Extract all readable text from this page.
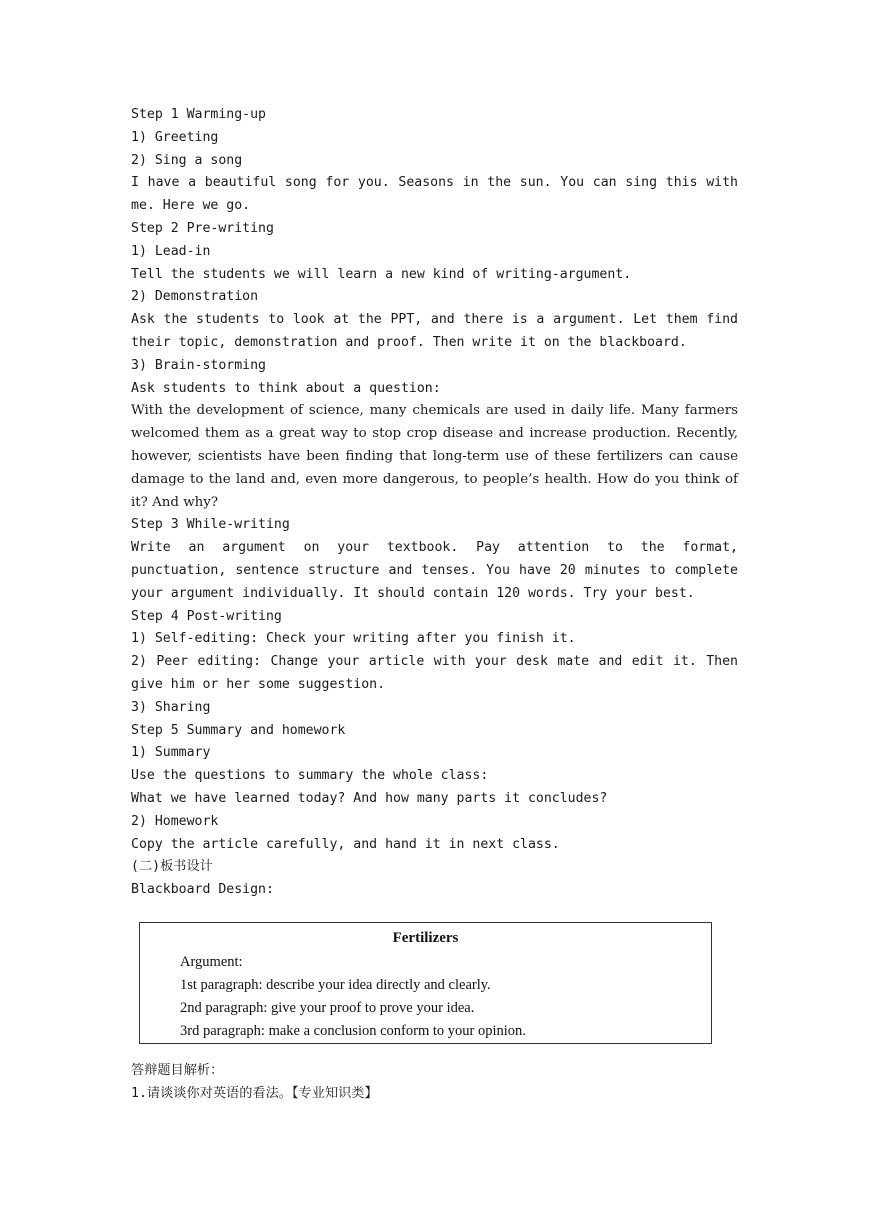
Step 1 Warming-up
1) Greeting
2) Sing a song

I have a beautiful song for you. Seasons in the sun. You can sing this with me. Here we go.

Step 2 Pre-writing
1) Lead-in
Tell the students we will learn a new kind of writing-argument.
2) Demonstration

Ask the students to look at the PPT, and there is a argument. Let them find their topic, demonstration and proof. Then write it on the blackboard.

3) Brain-storming
Ask students to think about a question:

With the development of science, many chemicals are used in daily life. Many farmers welcomed them as a great way to stop crop disease and increase production. Recently, however, scientists have been finding that long-term use of these fertilizers can cause damage to the land and, even more dangerous, to people’s health. How do you think of it? And why?

Step 3 While-writing

Write an argument on your textbook. Pay attention to the format, punctuation, sentence structure and tenses. You have 20 minutes to complete your argument individually. It should contain 120 words. Try your best.

Step 4 Post-writing
1) Self-editing: Check your writing after you finish it.

2) Peer editing: Change your article with your desk mate and edit it. Then give him or her some suggestion.

3) Sharing
Step 5 Summary and homework
1) Summary
Use the questions to summary the whole class:
What we have learned today? And how many parts it concludes?
2) Homework
Copy the article carefully, and hand it in next class.
(二)板书设计
Blackboard Design:
Fertilizers
Argument:
1st paragraph: describe your idea directly and clearly.
2nd paragraph: give your proof to prove your idea.
3rd paragraph: make a conclusion conform to your opinion.
答辩题目解析：
1.请谈谈你对英语的看法。【专业知识类】
